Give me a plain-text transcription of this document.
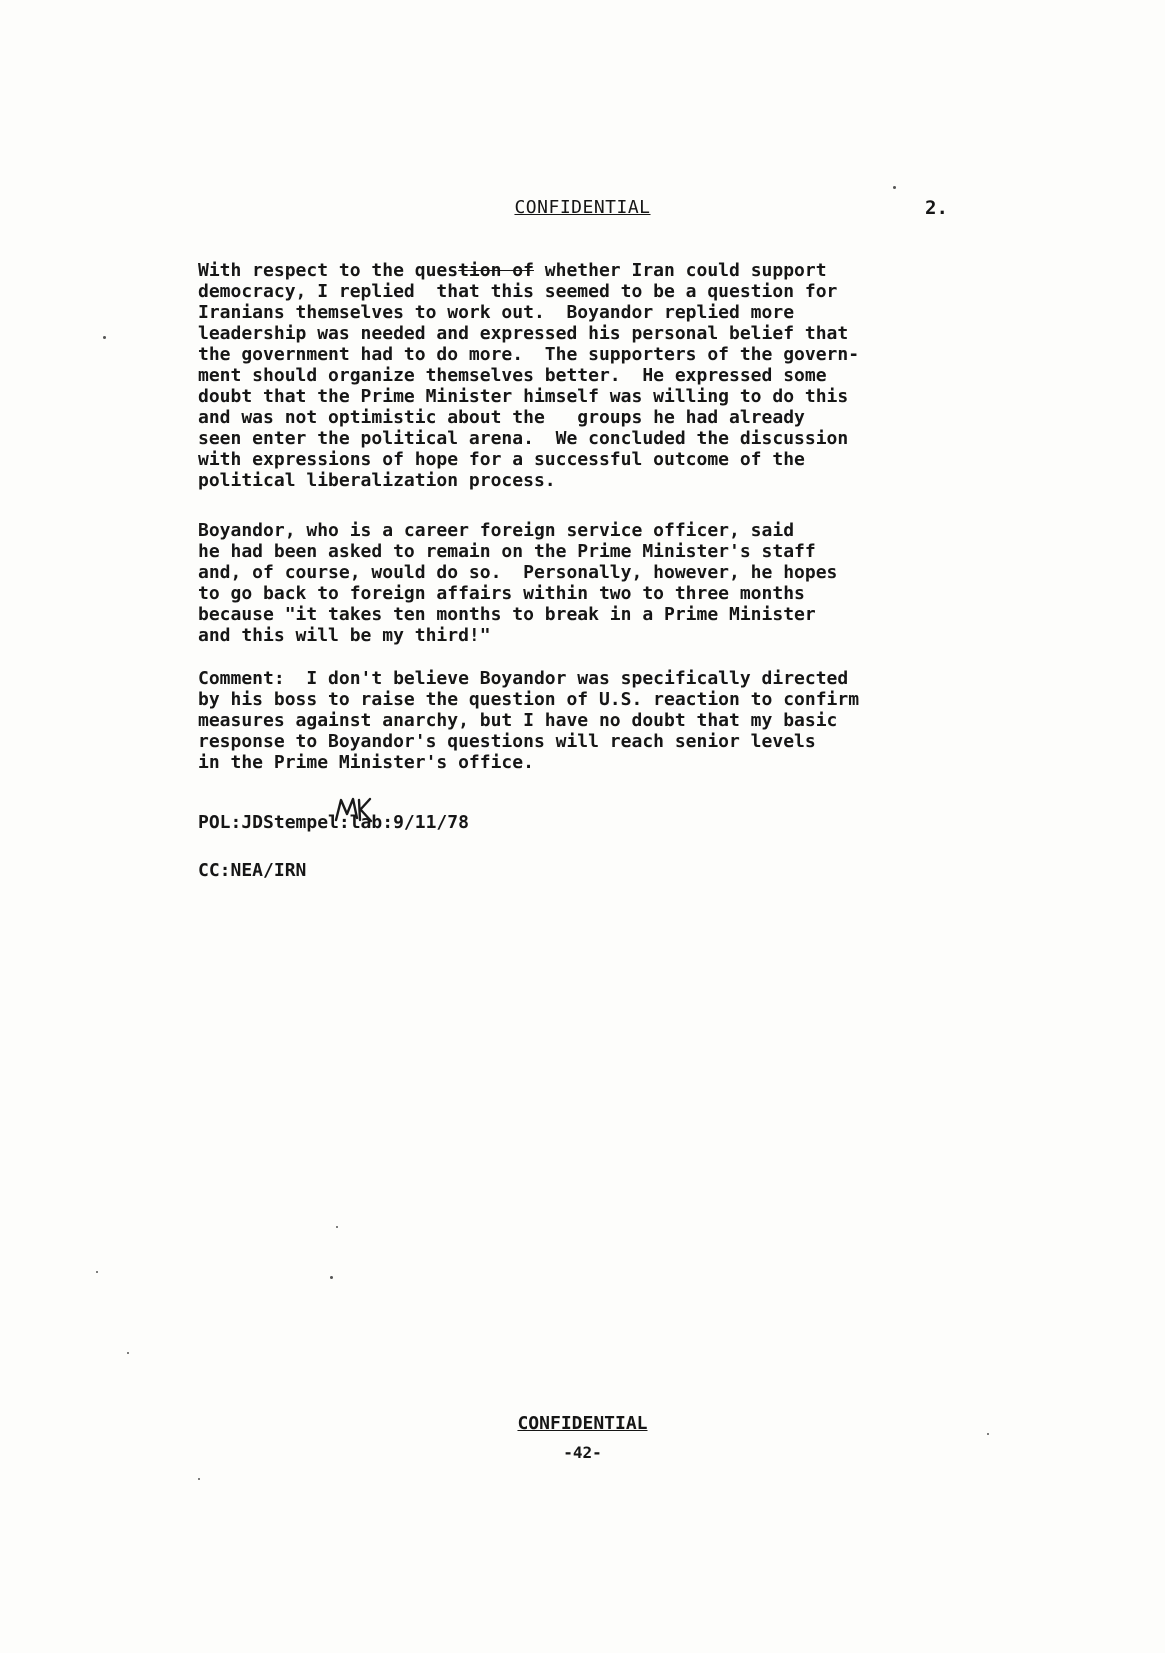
CONFIDENTIAL	2.

With respect to the question of whether Iran could support
democracy, I replied  that this seemed to be a question for
Iranians themselves to work out.  Boyandor replied more
leadership was needed and expressed his personal belief that
the government had to do more.  The supporters of the govern-
ment should organize themselves better.  He expressed some
doubt that the Prime Minister himself was willing to do this
and was not optimistic about the   groups he had already
seen enter the political arena.  We concluded the discussion
with expressions of hope for a successful outcome of the
political liberalization process.

Boyandor, who is a career foreign service officer, said
he had been asked to remain on the Prime Minister's staff
and, of course, would do so.  Personally, however, he hopes
to go back to foreign affairs within two to three months
because "it takes ten months to break in a Prime Minister
and this will be my third!"

Comment:  I don't believe Boyandor was specifically directed
by his boss to raise the question of U.S. reaction to confirm
measures against anarchy, but I have no doubt that my basic
response to Boyandor's questions will reach senior levels
in the Prime Minister's office.

POL:JDStempel:lab:9/11/78
CC:NEA/IRN
CONFIDENTIAL
-42-
